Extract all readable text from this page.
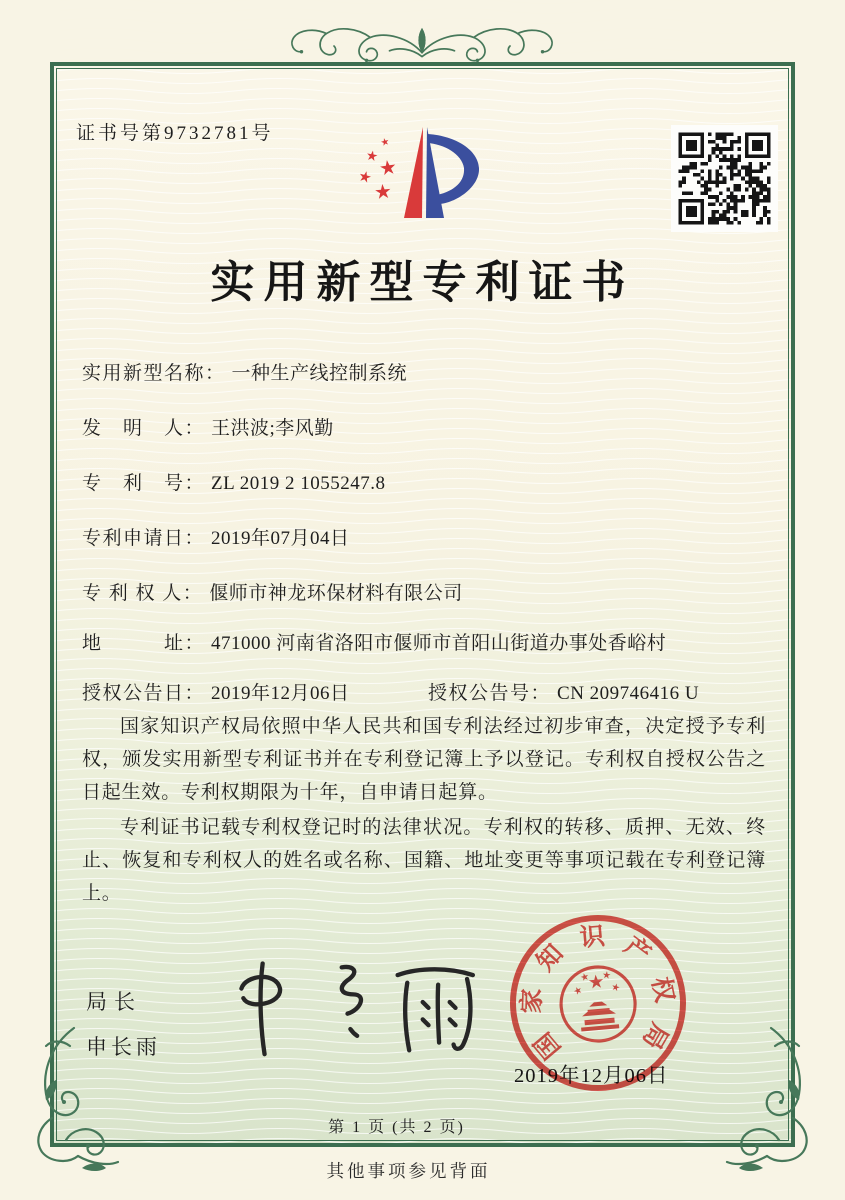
证书号第9732781号
实用新型专利证书
实用新型名称： 一种生产线控制系统
发　明　人： 王洪波;李风勤
专　利　号： ZL 2019 2 1055247.8
专利申请日： 2019年07月04日
专 利 权 人： 偃师市神龙环保材料有限公司
地　　　址： 471000 河南省洛阳市偃师市首阳山街道办事处香峪村
授权公告日： 2019年12月06日	授权公告号： CN 209746416 U

国家知识产权局依照中华人民共和国专利法经过初步审查，决定授予专利权，颁发实用新型专利证书并在专利登记簿上予以登记。专利权自授权公告之日起生效。专利权期限为十年，自申请日起算。

专利证书记载专利权登记时的法律状况。专利权的转移、质押、无效、终止、恢复和专利权人的姓名或名称、国籍、地址变更等事项记载在专利登记簿上。

局长
申长雨
2019年12月06日
国
家
知
识 产
权
局
第 1 页 (共 2 页)
其他事项参见背面
